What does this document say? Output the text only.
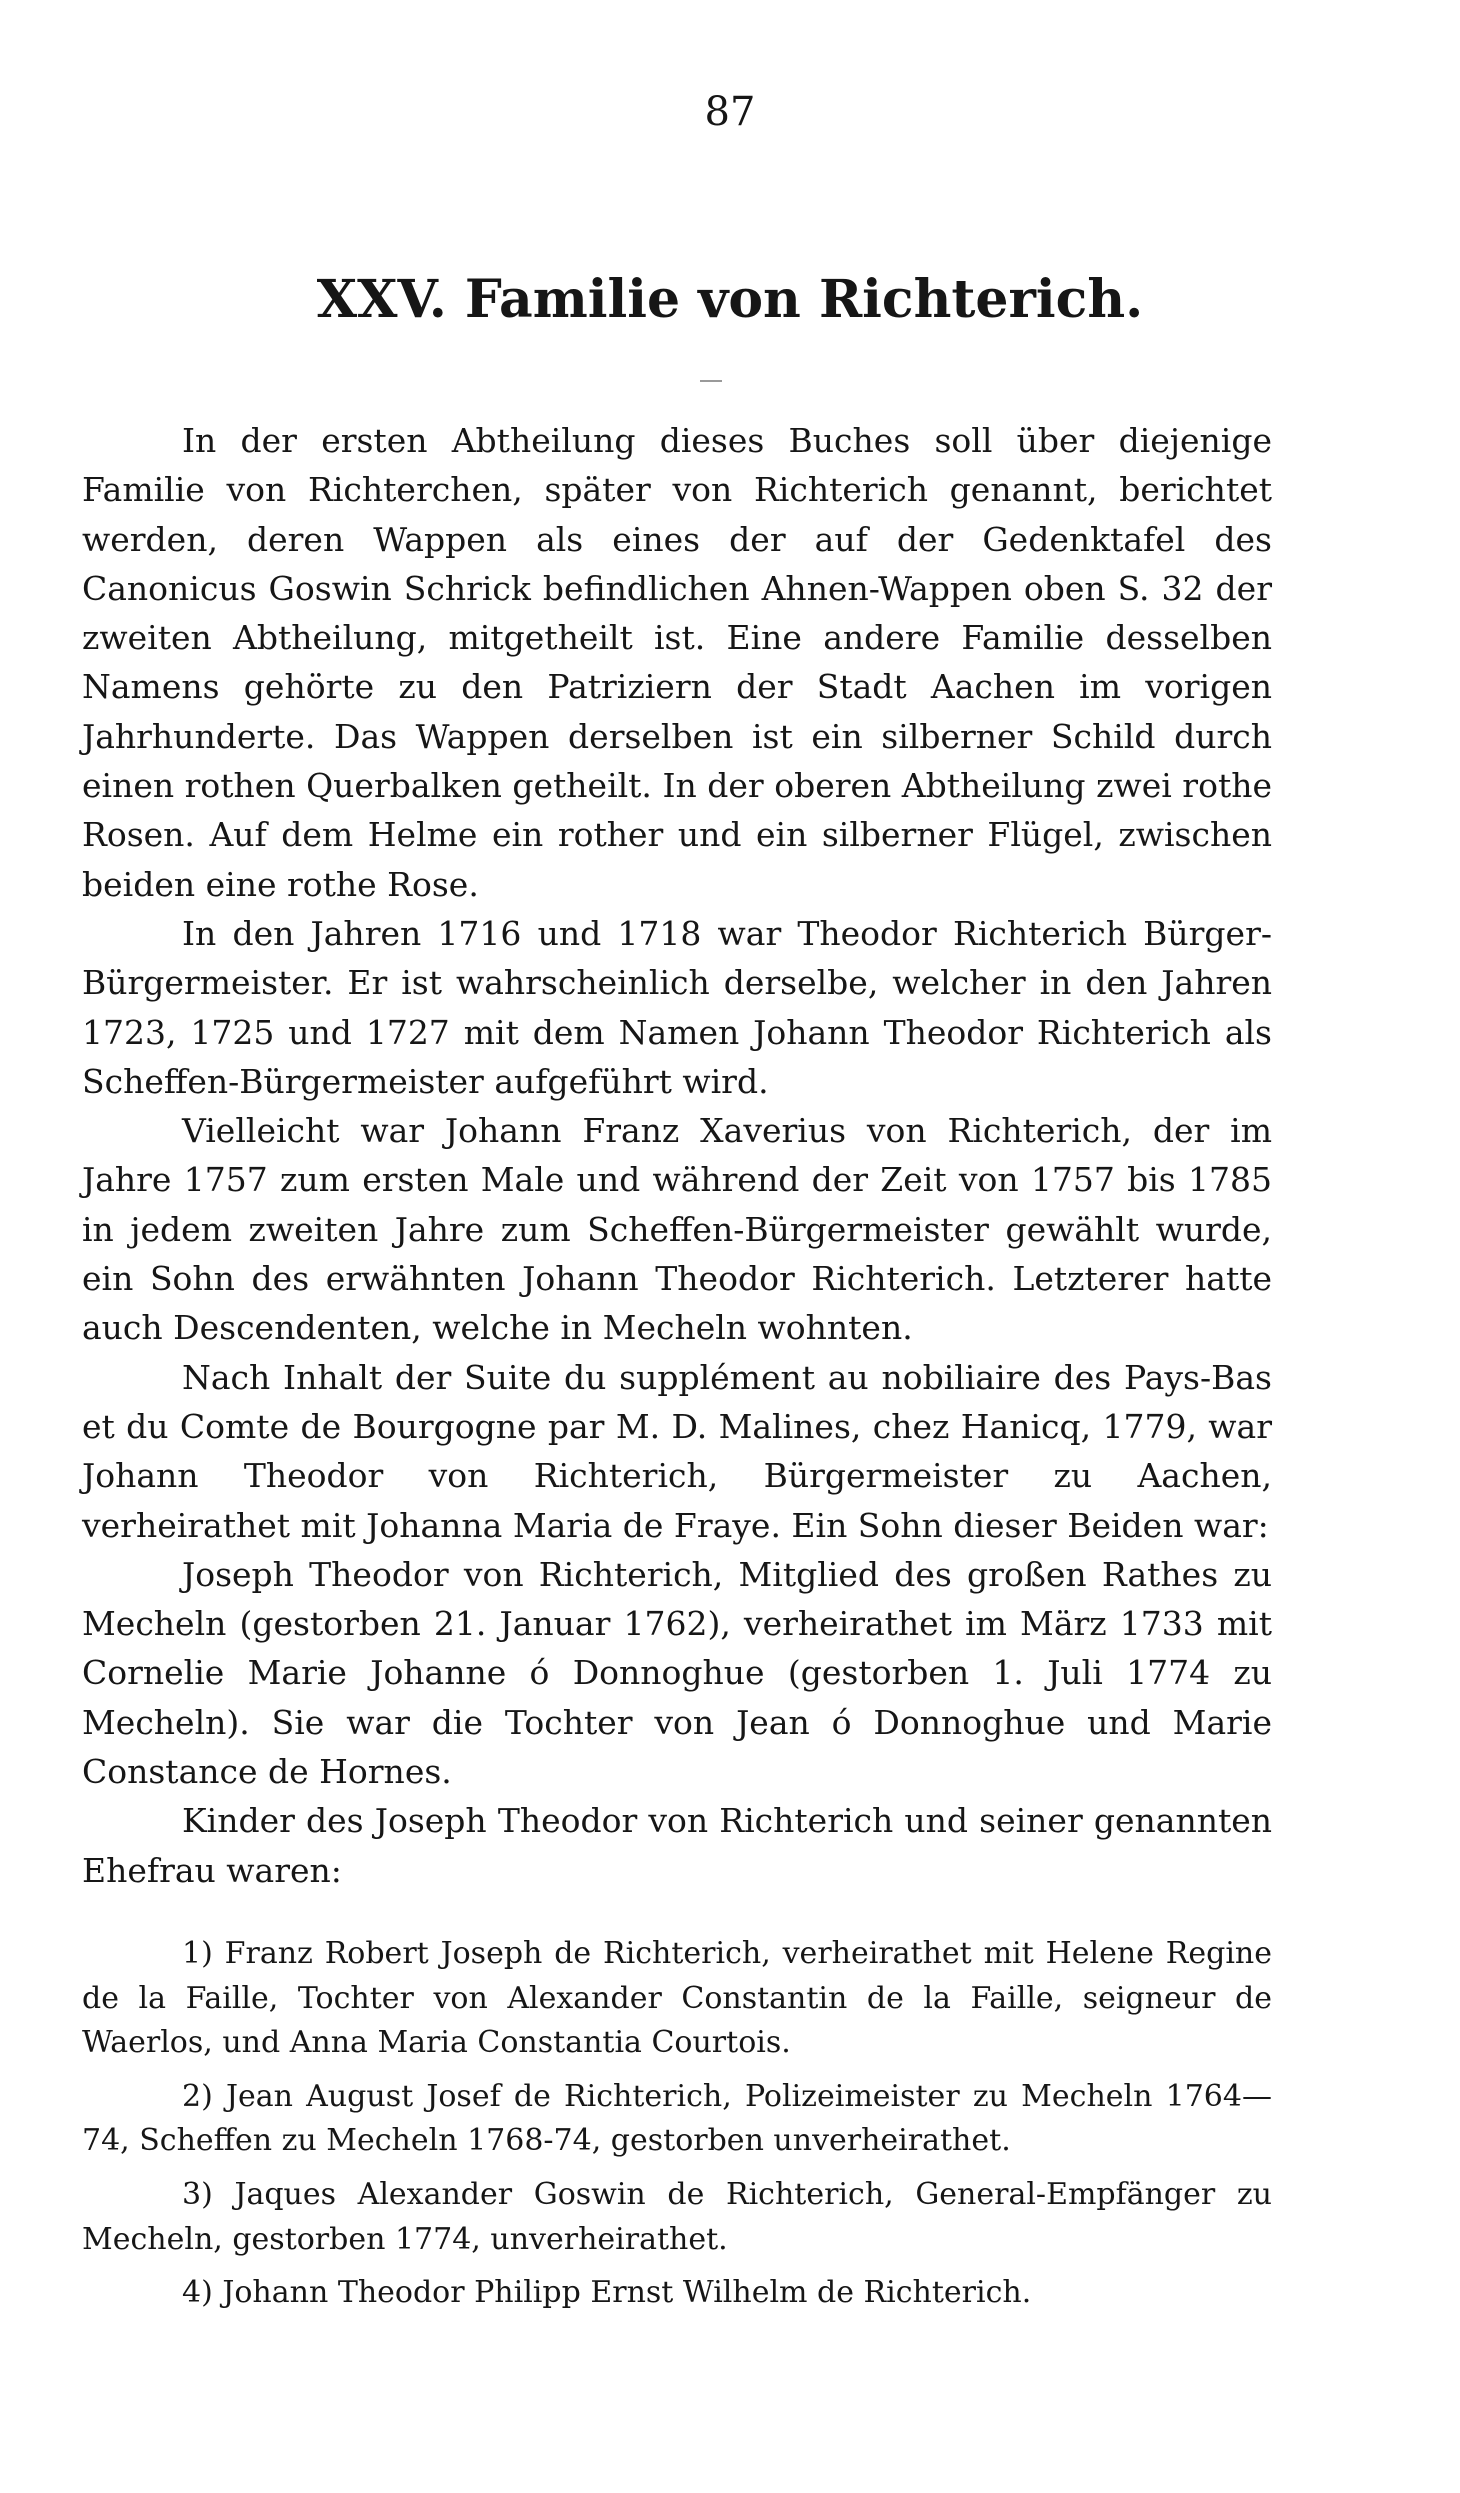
87
XXV. Familie von Richterich.

In der ersten Abtheilung dieses Buches soll über diejenige Familie von Richterchen, später von Richterich genannt, berichtet werden, deren Wappen als eines der auf der Gedenktafel des Canonicus Goswin Schrick befindlichen Ahnen-Wappen oben S. 32 der zweiten Abtheilung, mitgetheilt ist. Eine andere Familie desselben Namens gehörte zu den Patriziern der Stadt Aachen im vorigen Jahrhunderte. Das Wappen derselben ist ein silberner Schild durch einen rothen Querbalken getheilt. In der oberen Abtheilung zwei rothe Rosen. Auf dem Helme ein rother und ein silberner Flügel, zwischen beiden eine rothe Rose.

In den Jahren 1716 und 1718 war Theodor Richterich Bürger-Bürgermeister. Er ist wahrscheinlich derselbe, welcher in den Jahren 1723, 1725 und 1727 mit dem Namen Johann Theodor Richterich als Scheffen-Bürgermeister aufgeführt wird.

Vielleicht war Johann Franz Xaverius von Richterich, der im Jahre 1757 zum ersten Male und während der Zeit von 1757 bis 1785 in jedem zweiten Jahre zum Scheffen-Bürgermeister gewählt wurde, ein Sohn des erwähnten Johann Theodor Richterich. Letzterer hatte auch Descendenten, welche in Mecheln wohnten.

Nach Inhalt der Suite du supplément au nobiliaire des Pays-Bas et du Comte de Bourgogne par M. D. Malines, chez Hanicq, 1779, war Johann Theodor von Richterich, Bürgermeister zu Aachen, verheirathet mit Johanna Maria de Fraye. Ein Sohn dieser Beiden war:

Joseph Theodor von Richterich, Mitglied des großen Rathes zu Mecheln (gestorben 21. Januar 1762), verheirathet im März 1733 mit Cornelie Marie Johanne ó Donnoghue (gestorben 1. Juli 1774 zu Mecheln). Sie war die Tochter von Jean ó Donnoghue und Marie Constance de Hornes.

Kinder des Joseph Theodor von Richterich und seiner genannten Ehefrau waren:

1) Franz Robert Joseph de Richterich, verheirathet mit Helene Regine de la Faille, Tochter von Alexander Constantin de la Faille, seigneur de Waerlos, und Anna Maria Constantia Courtois.

2) Jean August Josef de Richterich, Polizeimeister zu Mecheln 1764—74, Scheffen zu Mecheln 1768-74, gestorben unverheirathet.

3) Jaques Alexander Goswin de Richterich, General-Empfänger zu Mecheln, gestorben 1774, unverheirathet.

4) Johann Theodor Philipp Ernst Wilhelm de Richterich.
